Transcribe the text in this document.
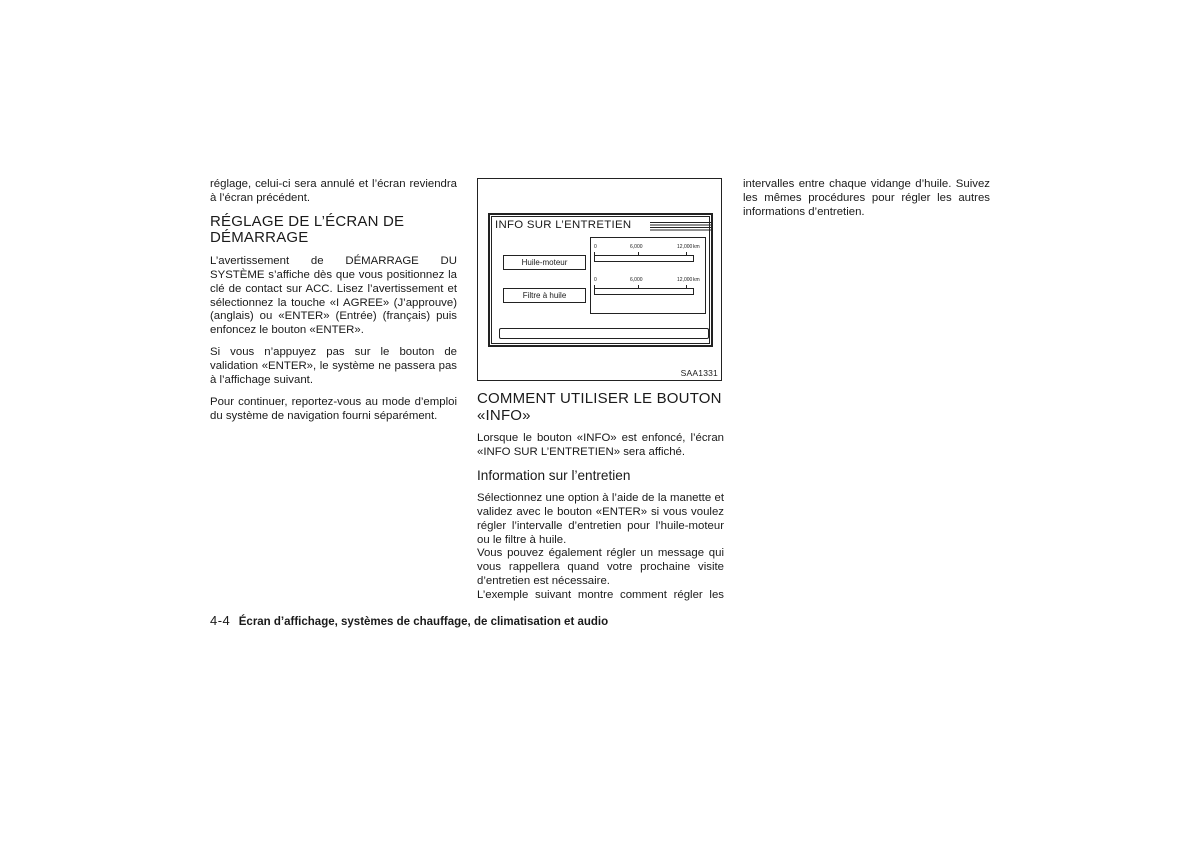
réglage, celui-ci sera annulé et l’écran reviendra à l’écran précédent.

RÉGLAGE DE L’ÉCRAN DE DÉMARRAGE

L’avertissement de DÉMARRAGE DU SYSTÈME s’affiche dès que vous positionnez la clé de contact sur ACC. Lisez l’avertissement et sélectionnez la touche «I AGREE» (J’approuve) (anglais) ou «ENTER» (Entrée) (français) puis enfoncez le bouton «ENTER».

Si vous n’appuyez pas sur le bouton de validation «ENTER», le système ne passera pas à l’affichage suivant.

Pour continuer, reportez-vous au mode d’emploi du système de navigation fourni séparément.

INFO SUR L’ENTRETIEN
Huile-moteur
Filtre à huile
0	6,000	12,000 km
0	6,000	12,000 km
SAA1331
COMMENT UTILISER LE BOUTON «INFO»

Lorsque le bouton «INFO» est enfoncé, l’écran «INFO SUR L’ENTRETIEN» sera affiché.

Information sur l’entretien

Sélectionnez une option à l’aide de la manette et validez avec le bouton «ENTER» si vous voulez régler l’intervalle d’entretien pour l’huile-moteur ou le filtre à huile.

Vous pouvez également régler un message qui vous rappellera quand votre prochaine visite d’entretien est nécessaire.

L’exemple suivant montre comment régler les

intervalles entre chaque vidange d’huile. Suivez les mêmes procédures pour régler les autres informations d’entretien.

4-4 Écran d’affichage, systèmes de chauffage, de climatisation et audio
